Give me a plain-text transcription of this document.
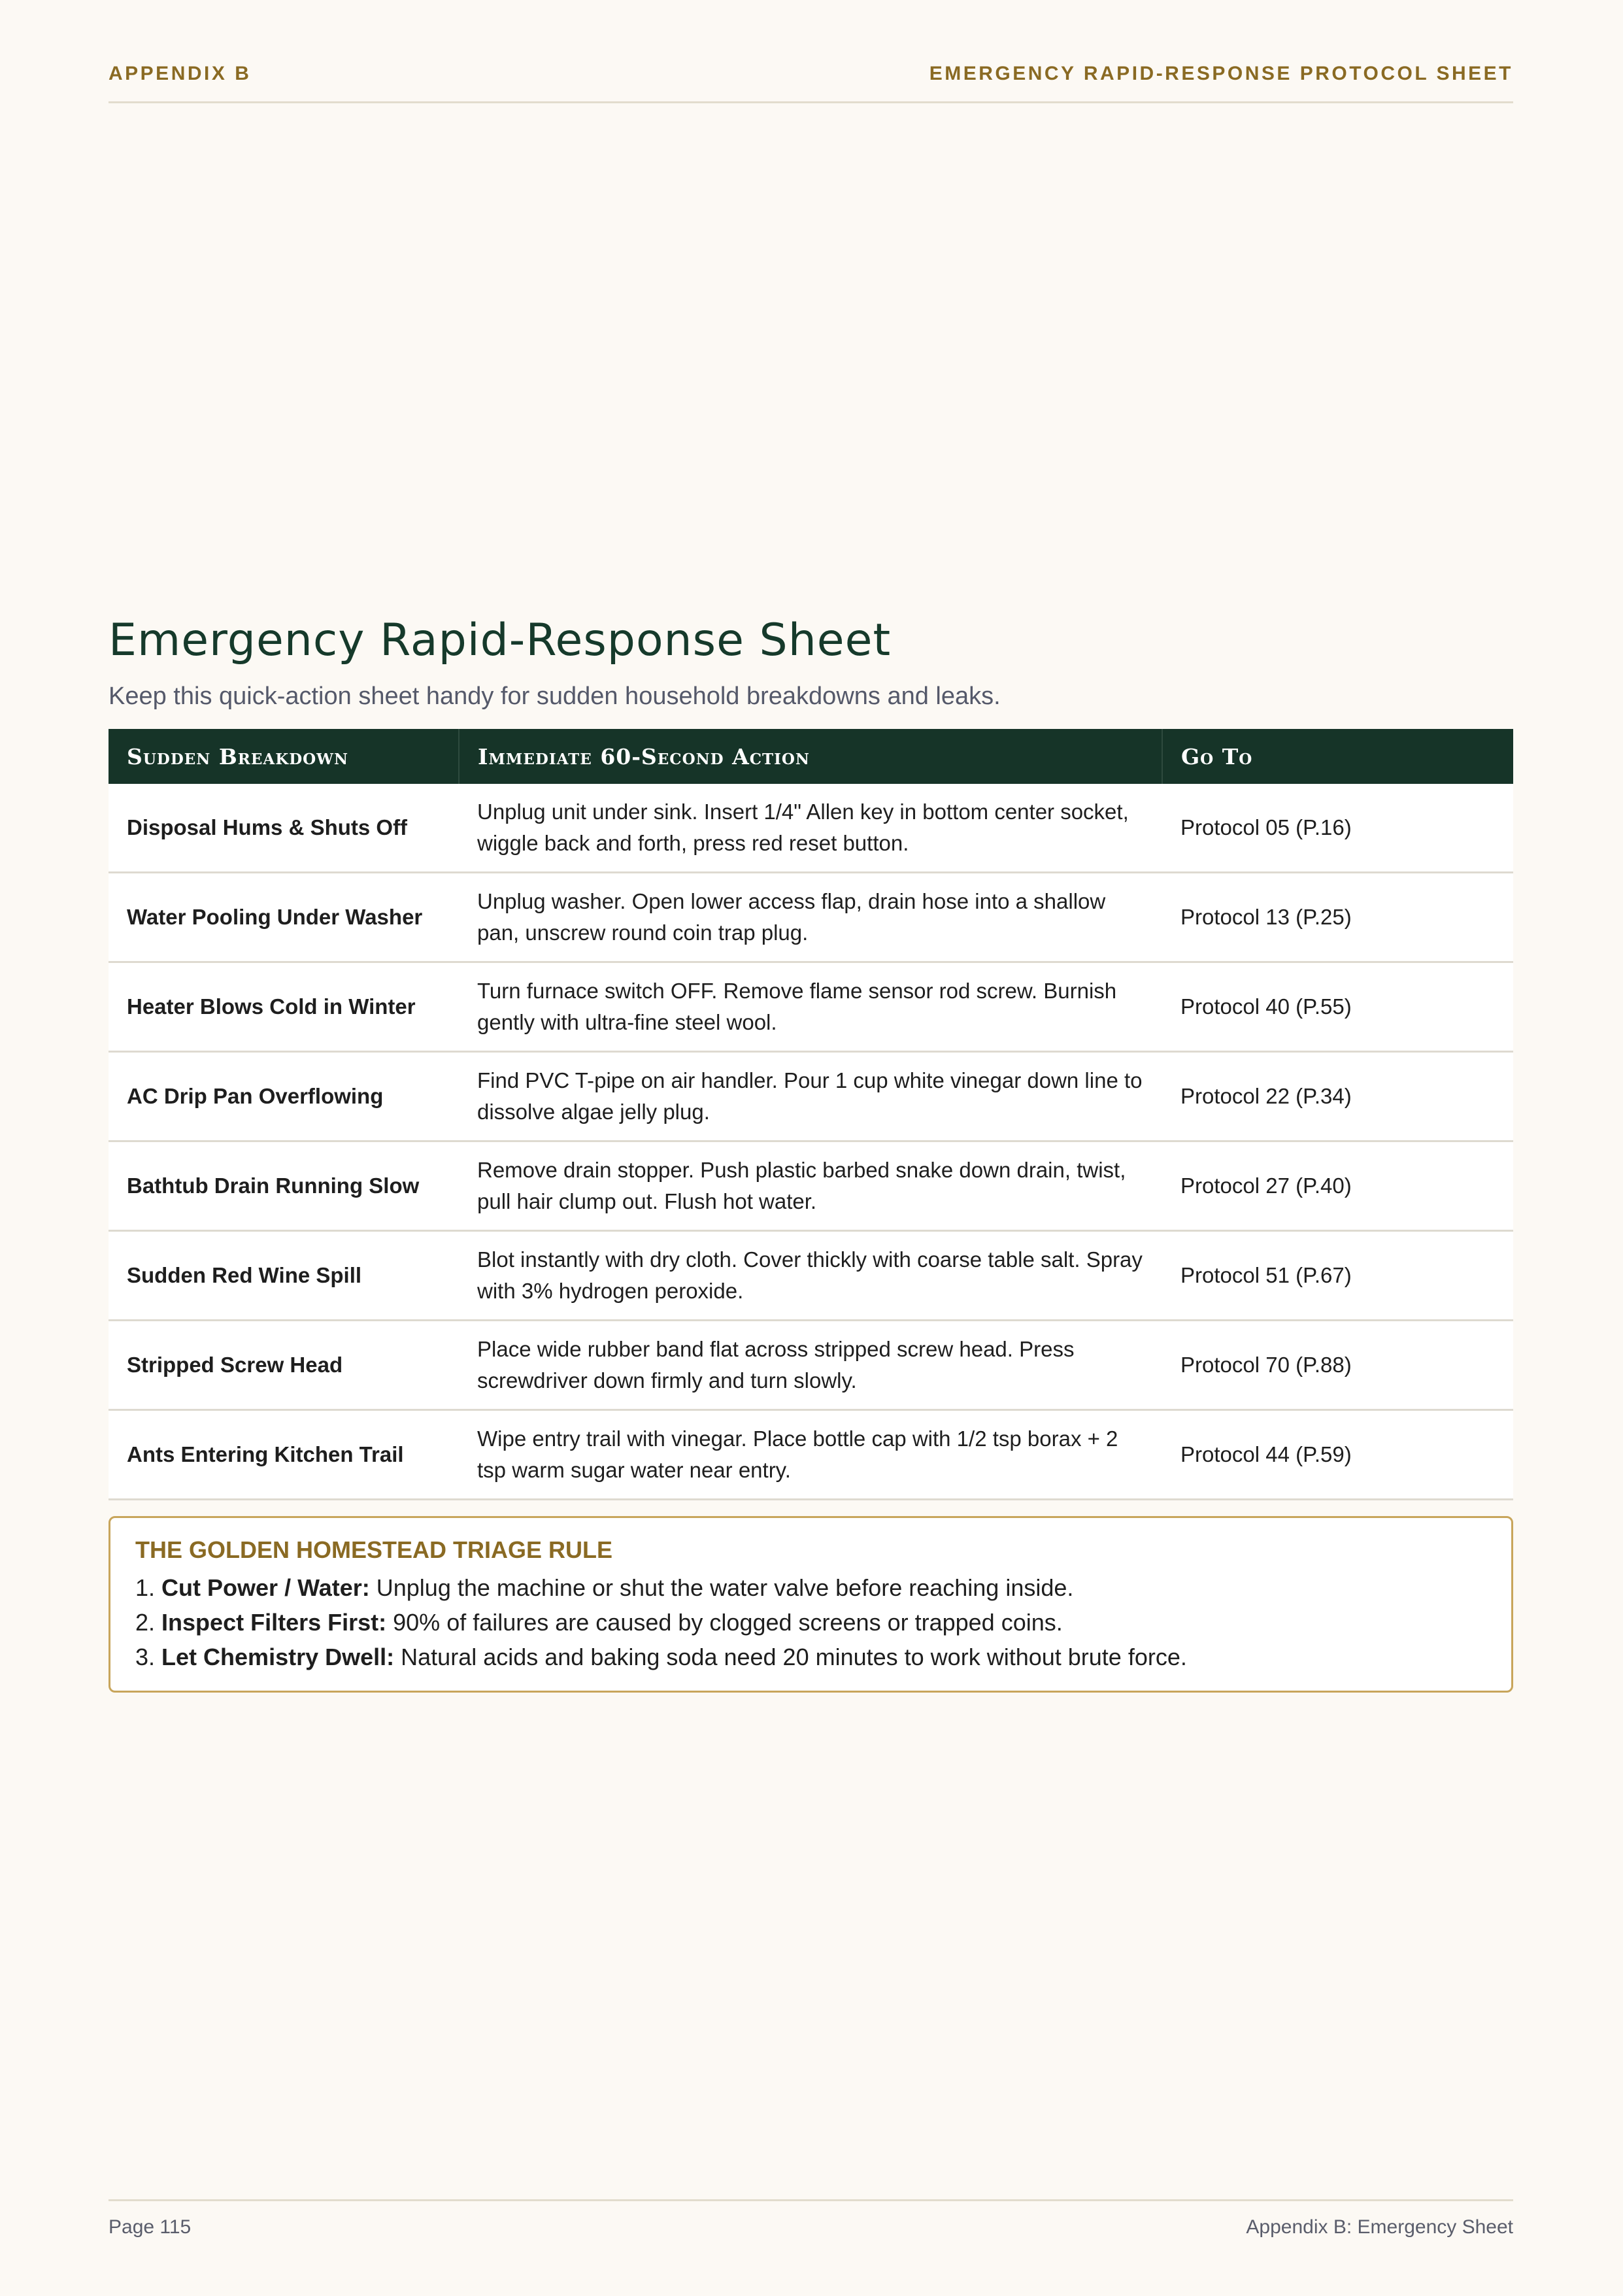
APPENDIX B	EMERGENCY RAPID-RESPONSE PROTOCOL SHEET
Emergency Rapid-Response Sheet
Keep this quick-action sheet handy for sudden household breakdowns and leaks.
Sudden Breakdown	Immediate 60-Second Action	Go To
Disposal Hums & Shuts Off	Unplug unit under sink. Insert 1/4" Allen key in bottom center socket, wiggle back and forth, press red reset button.	Protocol 05 (P.16)
Water Pooling Under Washer	Unplug washer. Open lower access flap, drain hose into a shallow pan, unscrew round coin trap plug.	Protocol 13 (P.25)
Heater Blows Cold in Winter	Turn furnace switch OFF. Remove flame sensor rod screw. Burnish gently with ultra-fine steel wool.	Protocol 40 (P.55)
AC Drip Pan Overflowing	Find PVC T-pipe on air handler. Pour 1 cup white vinegar down line to dissolve algae jelly plug.	Protocol 22 (P.34)
Bathtub Drain Running Slow	Remove drain stopper. Push plastic barbed snake down drain, twist, pull hair clump out. Flush hot water.	Protocol 27 (P.40)
Sudden Red Wine Spill	Blot instantly with dry cloth. Cover thickly with coarse table salt. Spray with 3% hydrogen peroxide.	Protocol 51 (P.67)
Stripped Screw Head	Place wide rubber band flat across stripped screw head. Press screwdriver down firmly and turn slowly.	Protocol 70 (P.88)
Ants Entering Kitchen Trail	Wipe entry trail with vinegar. Place bottle cap with 1/2 tsp borax + 2 tsp warm sugar water near entry.	Protocol 44 (P.59)
THE GOLDEN HOMESTEAD TRIAGE RULE
1. Cut Power / Water: Unplug the machine or shut the water valve before reaching inside.
2. Inspect Filters First: 90% of failures are caused by clogged screens or trapped coins.
3. Let Chemistry Dwell: Natural acids and baking soda need 20 minutes to work without brute force.
Page 115	Appendix B: Emergency Sheet
